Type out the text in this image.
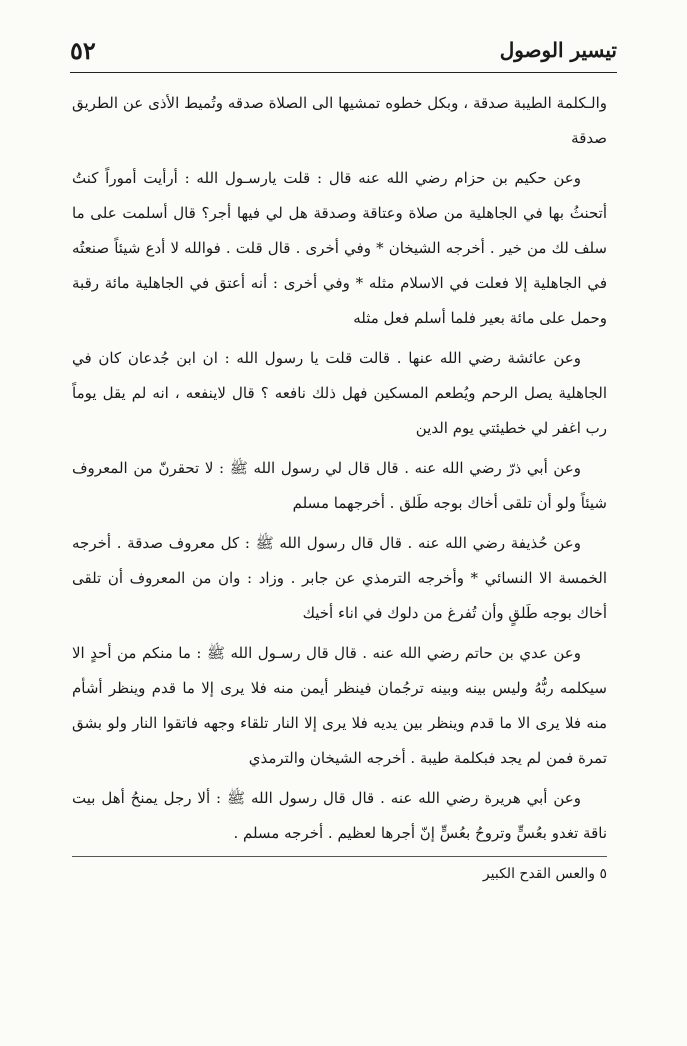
٥٢	تيسير الوصول

والـكلمة الطيبة صدقة ، وبكل خطوه تمشيها الى الصلاة صدقه وتُميط الأذى عن الطريق صدقة

وعن حكيم بن حزام رضي الله عنه قال : قلت يارسـول الله : أرأيت أموراً كنتُ أتحنثُ بها في الجاهلية من صلاة وعتاقة وصدقة هل لي فيها أجر؟ قال أسلمت على ما سلف لك من خير . أخرجه الشيخان * وفي أخرى . قال قلت . فوالله لا أدع شيئاً صنعتُه في الجاهلية إلا فعلت في الاسلام مثله * وفي أخرى : أنه أعتق في الجاهلية مائة رقبة وحمل على مائة بعير فلما أسلم فعل مثله

وعن عائشة رضي الله عنها . قالت قلت يا رسول الله : ان ابن جُدعان كان في الجاهلية يصل الرحم ويُطعم المسكين فهل ذلك نافعه ؟ قال لاينفعه ، انه لم يقل يوماً رب اغفر لي خطيئتي يوم الدين

وعن أبي ذرّ رضي الله عنه . قال قال لي رسول الله ﷺ : لا تحقرنّ من المعروف شيئاً ولو أن تلقى أخاك بوجه طَلق . أخرجهما مسلم

وعن حُذيفة رضي الله عنه . قال قال رسول الله ﷺ : كل معروف صدقة . أخرجه الخمسة الا النسائي * وأخرجه الترمذي عن جابر . وزاد : وان من المعروف أن تلقى أخاك بوجه طَلقٍ وأن تُفرغ من دلوك في اناء أخيك

وعن عدي بن حاتم رضي الله عنه . قال قال رسـول الله ﷺ : ما منكم من أحدٍ الا سيكلمه ربُّهُ وليس بينه وبينه ترجُمان فينظر أيمن منه فلا يرى إلا ما قدم وينظر أشأم منه فلا يرى الا ما قدم وينظر بين يديه فلا يرى إلا النار تلقاء وجهه فاتقوا النار ولو بشق تمرة فمن لم يجد فبكلمة طيبة . أخرجه الشيخان والترمذي

وعن أبي هريرة رضي الله عنه . قال قال رسول الله ﷺ : ألا رجل يمنحُ أهل بيت ناقة تغدو بعُسٍّ وتروحُ بعُسٍّ إنّ أجرها لعظيم . أخرجه مسلم .

٥ والعس القدح الكبير
